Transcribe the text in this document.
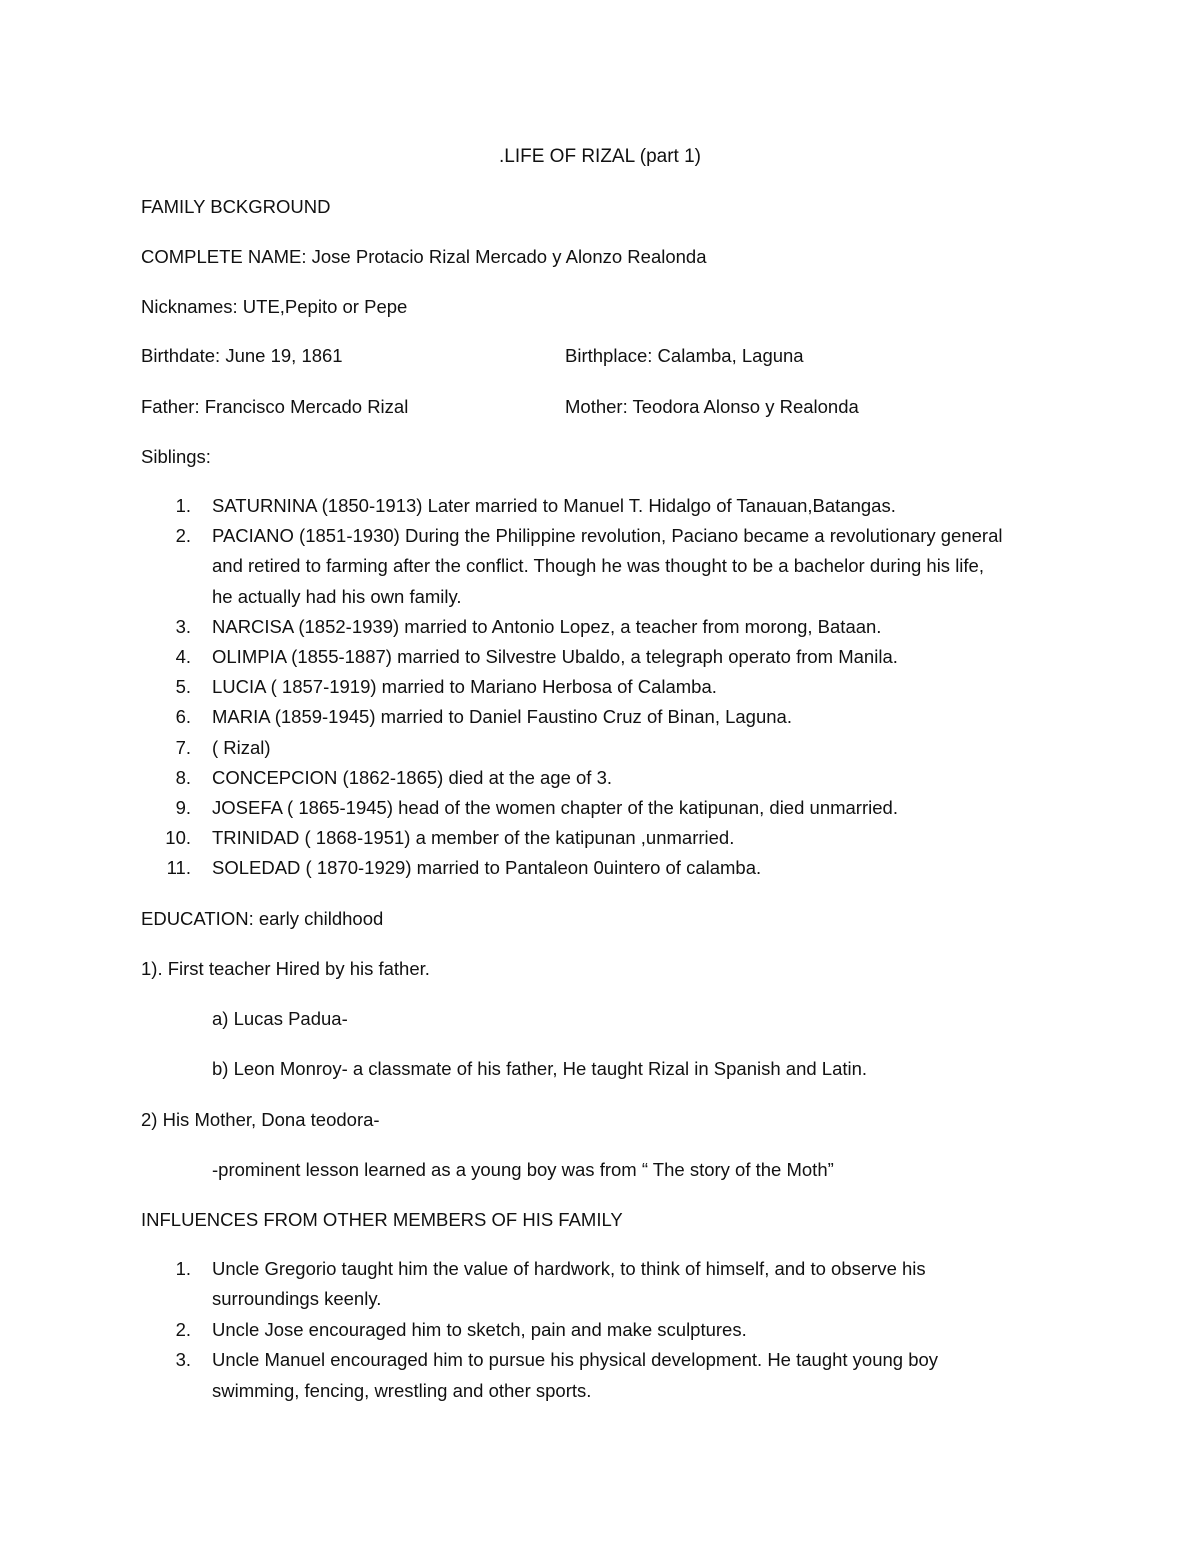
.LIFE OF RIZAL (part 1)
FAMILY BCKGROUND
COMPLETE NAME: Jose Protacio Rizal Mercado y Alonzo Realonda
Nicknames: UTE,Pepito or Pepe
Birthdate: June 19, 1861	Birthplace: Calamba, Laguna
Father: Francisco Mercado Rizal	Mother: Teodora Alonso y Realonda
Siblings:
1. SATURNINA (1850-1913) Later married to Manuel T. Hidalgo of Tanauan,Batangas.
2. PACIANO (1851-1930) During the Philippine revolution, Paciano became a revolutionary general
and retired to farming after the conflict. Though he was thought to be a bachelor during his life,
he actually had his own family.
3. NARCISA (1852-1939) married to Antonio Lopez, a teacher from morong, Bataan.
4. OLIMPIA (1855-1887) married to Silvestre Ubaldo, a telegraph operato from Manila.
5. LUCIA ( 1857-1919) married to Mariano Herbosa of Calamba.
6. MARIA (1859-1945) married to Daniel Faustino Cruz of Binan, Laguna.
7. ( Rizal)
8. CONCEPCION (1862-1865) died at the age of 3.
9. JOSEFA ( 1865-1945) head of the women chapter of the katipunan, died unmarried.
10. TRINIDAD ( 1868-1951) a member of the katipunan ,unmarried.
11. SOLEDAD ( 1870-1929) married to Pantaleon 0uintero of calamba.
EDUCATION: early childhood
1). First teacher Hired by his father.
a) Lucas Padua-
b) Leon Monroy- a classmate of his father, He taught Rizal in Spanish and Latin.
2) His Mother, Dona teodora-
-prominent lesson learned as a young boy was from “ The story of the Moth”
INFLUENCES FROM OTHER MEMBERS OF HIS FAMILY
1. Uncle Gregorio taught him the value of hardwork, to think of himself, and to observe his
surroundings keenly.
2. Uncle Jose encouraged him to sketch, pain and make sculptures.
3. Uncle Manuel encouraged him to pursue his physical development. He taught young boy
swimming, fencing, wrestling and other sports.
